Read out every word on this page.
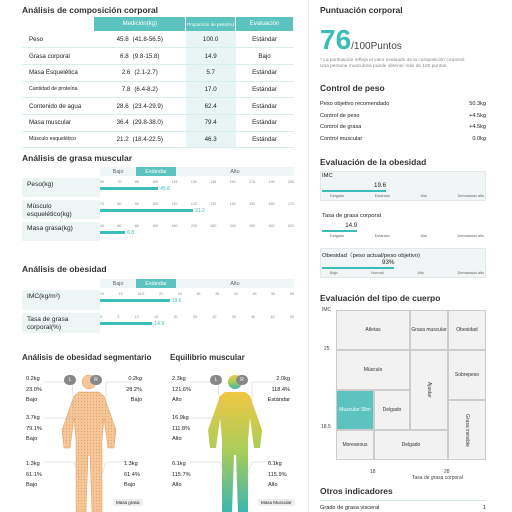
Análisis de composición corporal
	Medición(kg)	Proporción de peso(%)	Evaluación
Peso	45.8 (41.8-56.5)	100.0	Estándar
Grasa corporal	6.8 (9.8-15.8)	14.9	Bajo
Masa Esquelética	2.6 (2.1-2.7)	5.7	Estándar
Cantidad de proteína	7.8 (6.4-8.2)	17.0	Estándar
Contenido de agua	28.6 (23.4-29.9)	62.4	Estándar
Masa muscular	36.4 (29.8-38.0)	79.4	Estándar
Músculo esquelético	21.2 (18.4-22.5)	46.3	Estándar
Análisis de grasa muscular
Bajo	Estándar	Alto
Peso(kg)	55	70	85	100	115	130	145	160	175	190	205
45.8
Músculo esquelético(kg)
70	80	90	100	110	120	130	140	150	160	170
21.2
Masa grasa(kg)	40	60	80	100	160	220	280	340	400	460	520
6.8
Análisis de obesidad
Bajo	Estándar	Alto
IMC(kg/m²)	10	15	18.5	21	25	30	35	40	45	50	55
19.6
Tasa de grasa corporal(%)
0	5	10	15	20	25	30	35	40	45	50
14.9
Análisis de obesidad segmentario
L	R
0.2kg
23.0%
Bajo
0.2kg
28.2%
Bajo
3.7kg
79.1%
Bajo
1.3kg
61.1%
Bajo
1.3kg
61.4%
Bajo
Masa grasa
Equilibrio muscular
L	R
2.3kg
121.6%
Alto
2.0kg
118.4%
Estándar
16.9kg
111.8%
Alto
6.1kg
115.7%
Alto
6.1kg
115.9%
Alto
Masa Muscular
Puntuación corporal
76 /100Puntos
* La puntuación refleja el valor evaluado de la composición corporal.
Una persona musculosa puede obtener más de 100 puntos.
Control de peso
Peso objetivo recomendado	50.3kg
Control de peso	+4.5kg
Control de grasa	+4.5kg
Control muscular	0.0kg
Evaluación de la obesidad
IMC
19.6
Delgado	Estándar	Alto	Demasiado alto
Tasa de grasa corporal
14.9
Delgado	Estándar	Alto	Demasiado alto
Obesidad（peso actual/peso objetivo)
93%
Bajo	Normal	Alto	Demasiado alto
Evaluación del tipo de cuerpo
IMC
25
18.5
18	28
Tasa de grasa corporal
Atletas	Grasa muscular	Obesidad
Músculo
Sobrepeso
Ajustar
Muscular Slim	Delgado
Grasa invisible
Moreanous	Delgado
Otros indicadores
Grado de grasa visceral	1
